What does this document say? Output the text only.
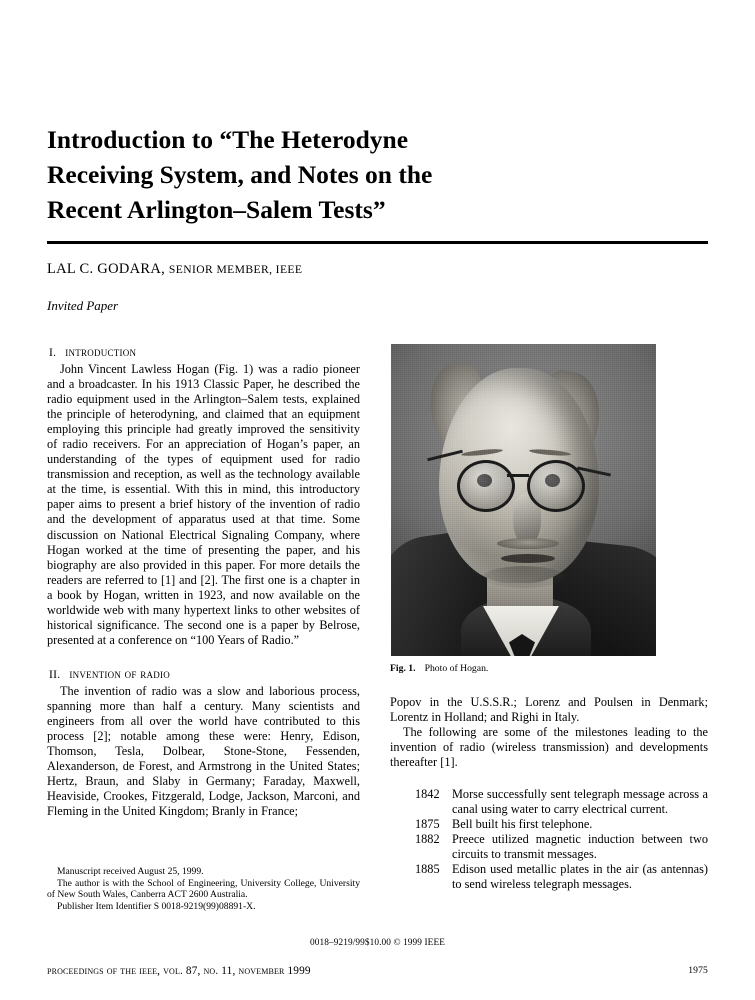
Introduction to “The Heterodyne
Receiving System, and Notes on the
Recent Arlington–Salem Tests”
LAL C. GODARA, SENIOR MEMBER, IEEE
Invited Paper
I. introduction

John Vincent Lawless Hogan (Fig. 1) was a radio pioneer and a broadcaster. In his 1913 Classic Paper, he described the radio equipment used in the Arlington–Salem tests, explained the principle of heterodyning, and claimed that an equipment employing this principle had greatly improved the sensitivity of radio receivers. For an appreciation of Hogan’s paper, an understanding of the types of equipment used for radio transmission and reception, as well as the technology available at the time, is essential. With this in mind, this introductory paper aims to present a brief history of the invention of radio and the development of apparatus used at that time. Some discussion on National Electrical Signaling Company, where Hogan worked at the time of presenting the paper, and his biography are also provided in this paper. For more details the readers are referred to [1] and [2]. The first one is a chapter in a book by Hogan, written in 1923, and now available on the worldwide web with many hypertext links to other websites of historical significance. The second one is a paper by Belrose, presented at a conference on “100 Years of Radio.”

II. invention of radio

The invention of radio was a slow and laborious process, spanning more than half a century. Many scientists and engineers from all over the world have contributed to this process [2]; notable among these were: Henry, Edison, Thomson, Tesla, Dolbear, Stone-Stone, Fessenden, Alexanderson, de Forest, and Armstrong in the United States; Hertz, Braun, and Slaby in Germany; Faraday, Maxwell, Heaviside, Crookes, Fitzgerald, Lodge, Jackson, Marconi, and Fleming in the United Kingdom; Branly in France;

Manuscript received August 25, 1999.

The author is with the School of Engineering, University College, University of New South Wales, Canberra ACT 2600 Australia.

Publisher Item Identifier S 0018-9219(99)08891-X.

Fig. 1. Photo of Hogan.

Popov in the U.S.S.R.; Lorenz and Poulsen in Denmark; Lorentz in Holland; and Righi in Italy.

The following are some of the milestones leading to the invention of radio (wireless transmission) and developments thereafter [1].

1842	Morse successfully sent telegraph message across a canal using water to carry electrical current.
1875	Bell built his first telephone.
1882	Preece utilized magnetic induction between two circuits to transmit messages.
1885	Edison used metallic plates in the air (as antennas) to send wireless telegraph messages.
0018–9219/99$10.00 © 1999 IEEE
proceedings of the ieee, vol. 87, no. 11, november 1999	1975
